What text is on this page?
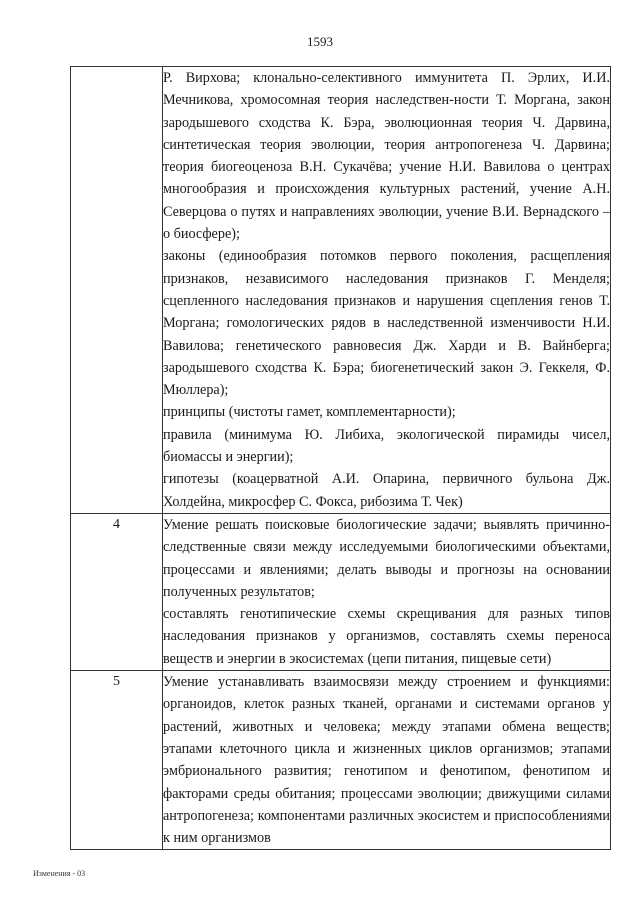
1593

	Р. Вирхова; клонально-селективного иммунитета П. Эрлих, И.И. Мечникова, хромосомная теория наследствен-ности Т. Моргана, закон зародышевого сходства К. Бэра, эволюционная теория Ч. Дарвина, синтетическая теория эволюции, теория антропогенеза Ч. Дарвина; теория биогеоценоза В.Н. Сукачёва; учение Н.И. Вавилова о центрах многообразия и происхождения культурных растений, учение А.Н. Северцова о путях и направлениях эволюции, учение В.И. Вернадского – о биосфере);

законы (единообразия потомков первого поколения, расщепления признаков, независимого наследования признаков Г. Менделя; сцепленного наследования признаков и нарушения сцепления генов Т. Моргана; гомологических рядов в наследственной изменчивости Н.И. Вавилова; генетического равновесия Дж. Харди и В. Вайнберга; зародышевого сходства К. Бэра; биогенетический закон Э. Геккеля, Ф. Мюллера);

принципы (чистоты гамет, комплементарности);

правила (минимума Ю. Либиха, экологической пирамиды чисел, биомассы и энергии);

гипотезы (коацерватной А.И. Опарина, первичного бульона Дж. Холдейна, микросфер С. Фокса, рибозима Т. Чек)

4	Умение решать поисковые биологические задачи; выявлять причинно-следственные связи между исследуемыми биологическими объектами, процессами и явлениями; делать выводы и прогнозы на основании полученных результатов;

составлять генотипические схемы скрещивания для разных типов наследования признаков у организмов, составлять схемы переноса веществ и энергии в экосистемах (цепи питания, пищевые сети)

5	Умение устанавливать взаимосвязи между строением и функциями: органоидов, клеток разных тканей, органами и системами органов у растений, животных и человека; между этапами обмена веществ; этапами клеточного цикла и жизненных циклов организмов; этапами эмбрионального развития; генотипом и фенотипом, фенотипом и факторами среды обитания; процессами эволюции; движущими силами антропогенеза; компонентами различных экосистем и приспособлениями к ним организмов

Изменения - 03
